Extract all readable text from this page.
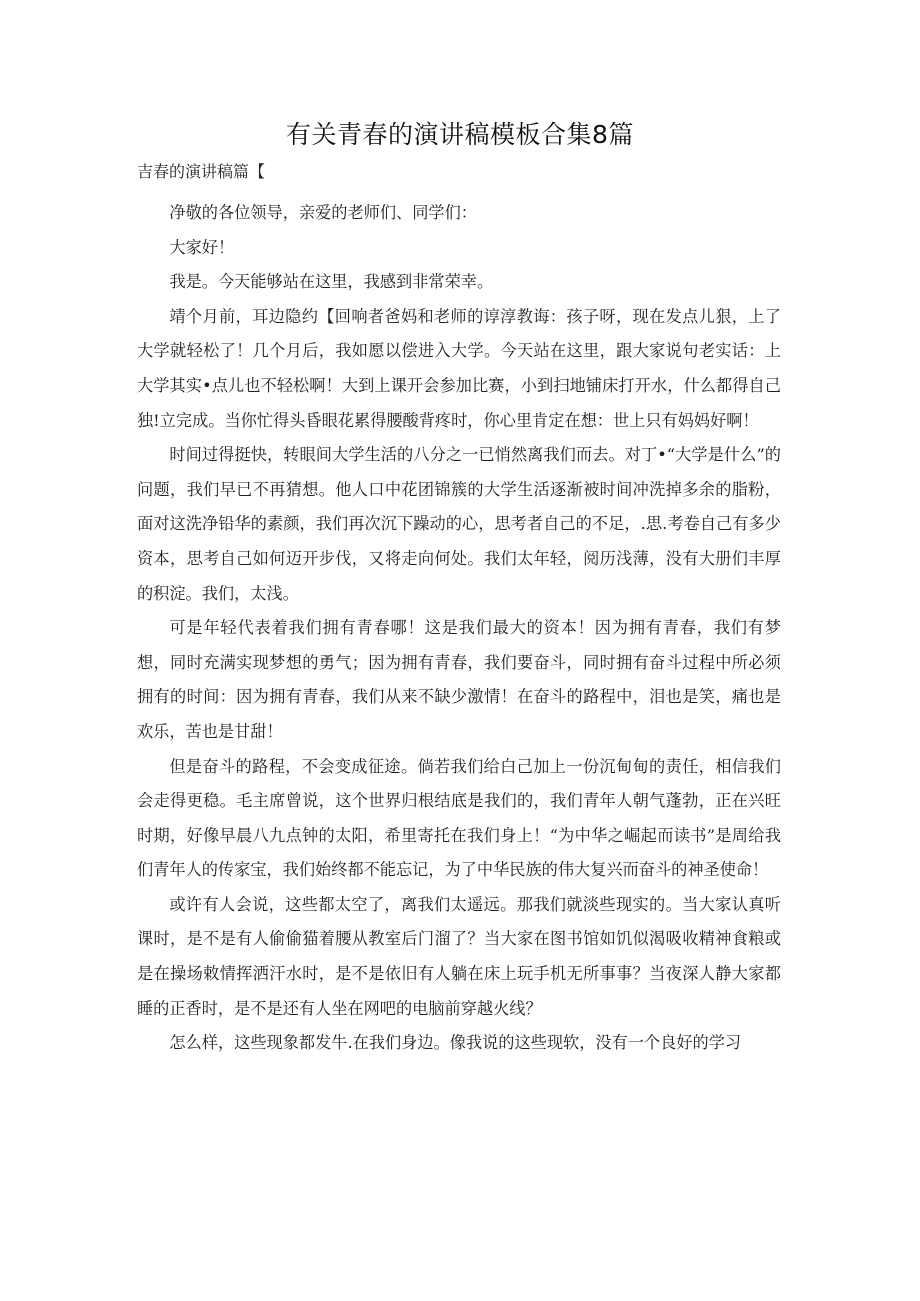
有关青春的演讲稿模板合集8篇
吉春的演讲稿篇【

净敬的各位领导，亲爱的老师们、同学们：

大家好！

我是。今天能够站在这里，我感到非常荣幸。

靖个月前，耳边隐约【回响者爸妈和老师的谆淳教诲：孩子呀，现在发点儿狠，上了大学就轻松了！几个月后，我如愿以偿进入大学。今天站在这里，跟大家说句老实话：上大学其实•点儿也不轻松啊！大到上课开会参加比赛，小到扫地铺床打开水，什么都得自己独!立完成。当你忙得头昏眼花累得腰酸背疼时，你心里肯定在想：世上只有妈妈好啊！

时间过得挺快，转眼间大学生活的八分之一已悄然离我们而去。对丁•“大学是什么”的问题，我们早已不再猜想。他人口中花团锦簇的大学生活逐渐被时间冲洗掉多余的脂粉，面对这洗净铅华的素颜，我们再次沉下躁动的心，思考者自己的不足，.思.考卷自己有多少资本，思考自己如何迈开步伐，又将走向何处。我们太年轻，阅历浅薄，没有大册们丰厚的积淀。我们，太浅。

可是年轻代表着我们拥有青春哪！这是我们最大的资本！因为拥有青春，我们有梦想，同时充满实现梦想的勇气；因为拥有青春，我们要奋斗，同时拥有奋斗过程中所必须拥有的时间：因为拥有青春，我们从来不缺少激情！在奋斗的路程中，泪也是笑，痛也是欢乐，苦也是甘甜！

但是奋斗的路程，不会变成征途。倘若我们给白己加上一份沉甸甸的责任，相信我们会走得更稳。毛主席曾说，这个世界归根结底是我们的，我们青年人朝气蓬勃，正在兴旺时期，好像早晨八九点钟的太阳，希里寄托在我们身上！“为中华之崛起而读书”是周给我们青年人的传家宝，我们始终都不能忘记，为了中华民族的伟大复兴而奋斗的神圣使命！

或许有人会说，这些都太空了，离我们太遥远。那我们就淡些现实的。当大家认真听课时，是不是有人偷偷猫着腰从教室后门溜了？当大家在图书馆如饥似渴吸收精神食粮或是在操场敕情挥洒汗水时，是不是依旧有人躺在床上玩手机无所事事？当夜深人静大家都睡的正香时，是不是还有人坐在网吧的电脑前穿越火线？

怎么样，这些现象都发牛.在我们身边。像我说的这些现软，没有一个良好的学习
